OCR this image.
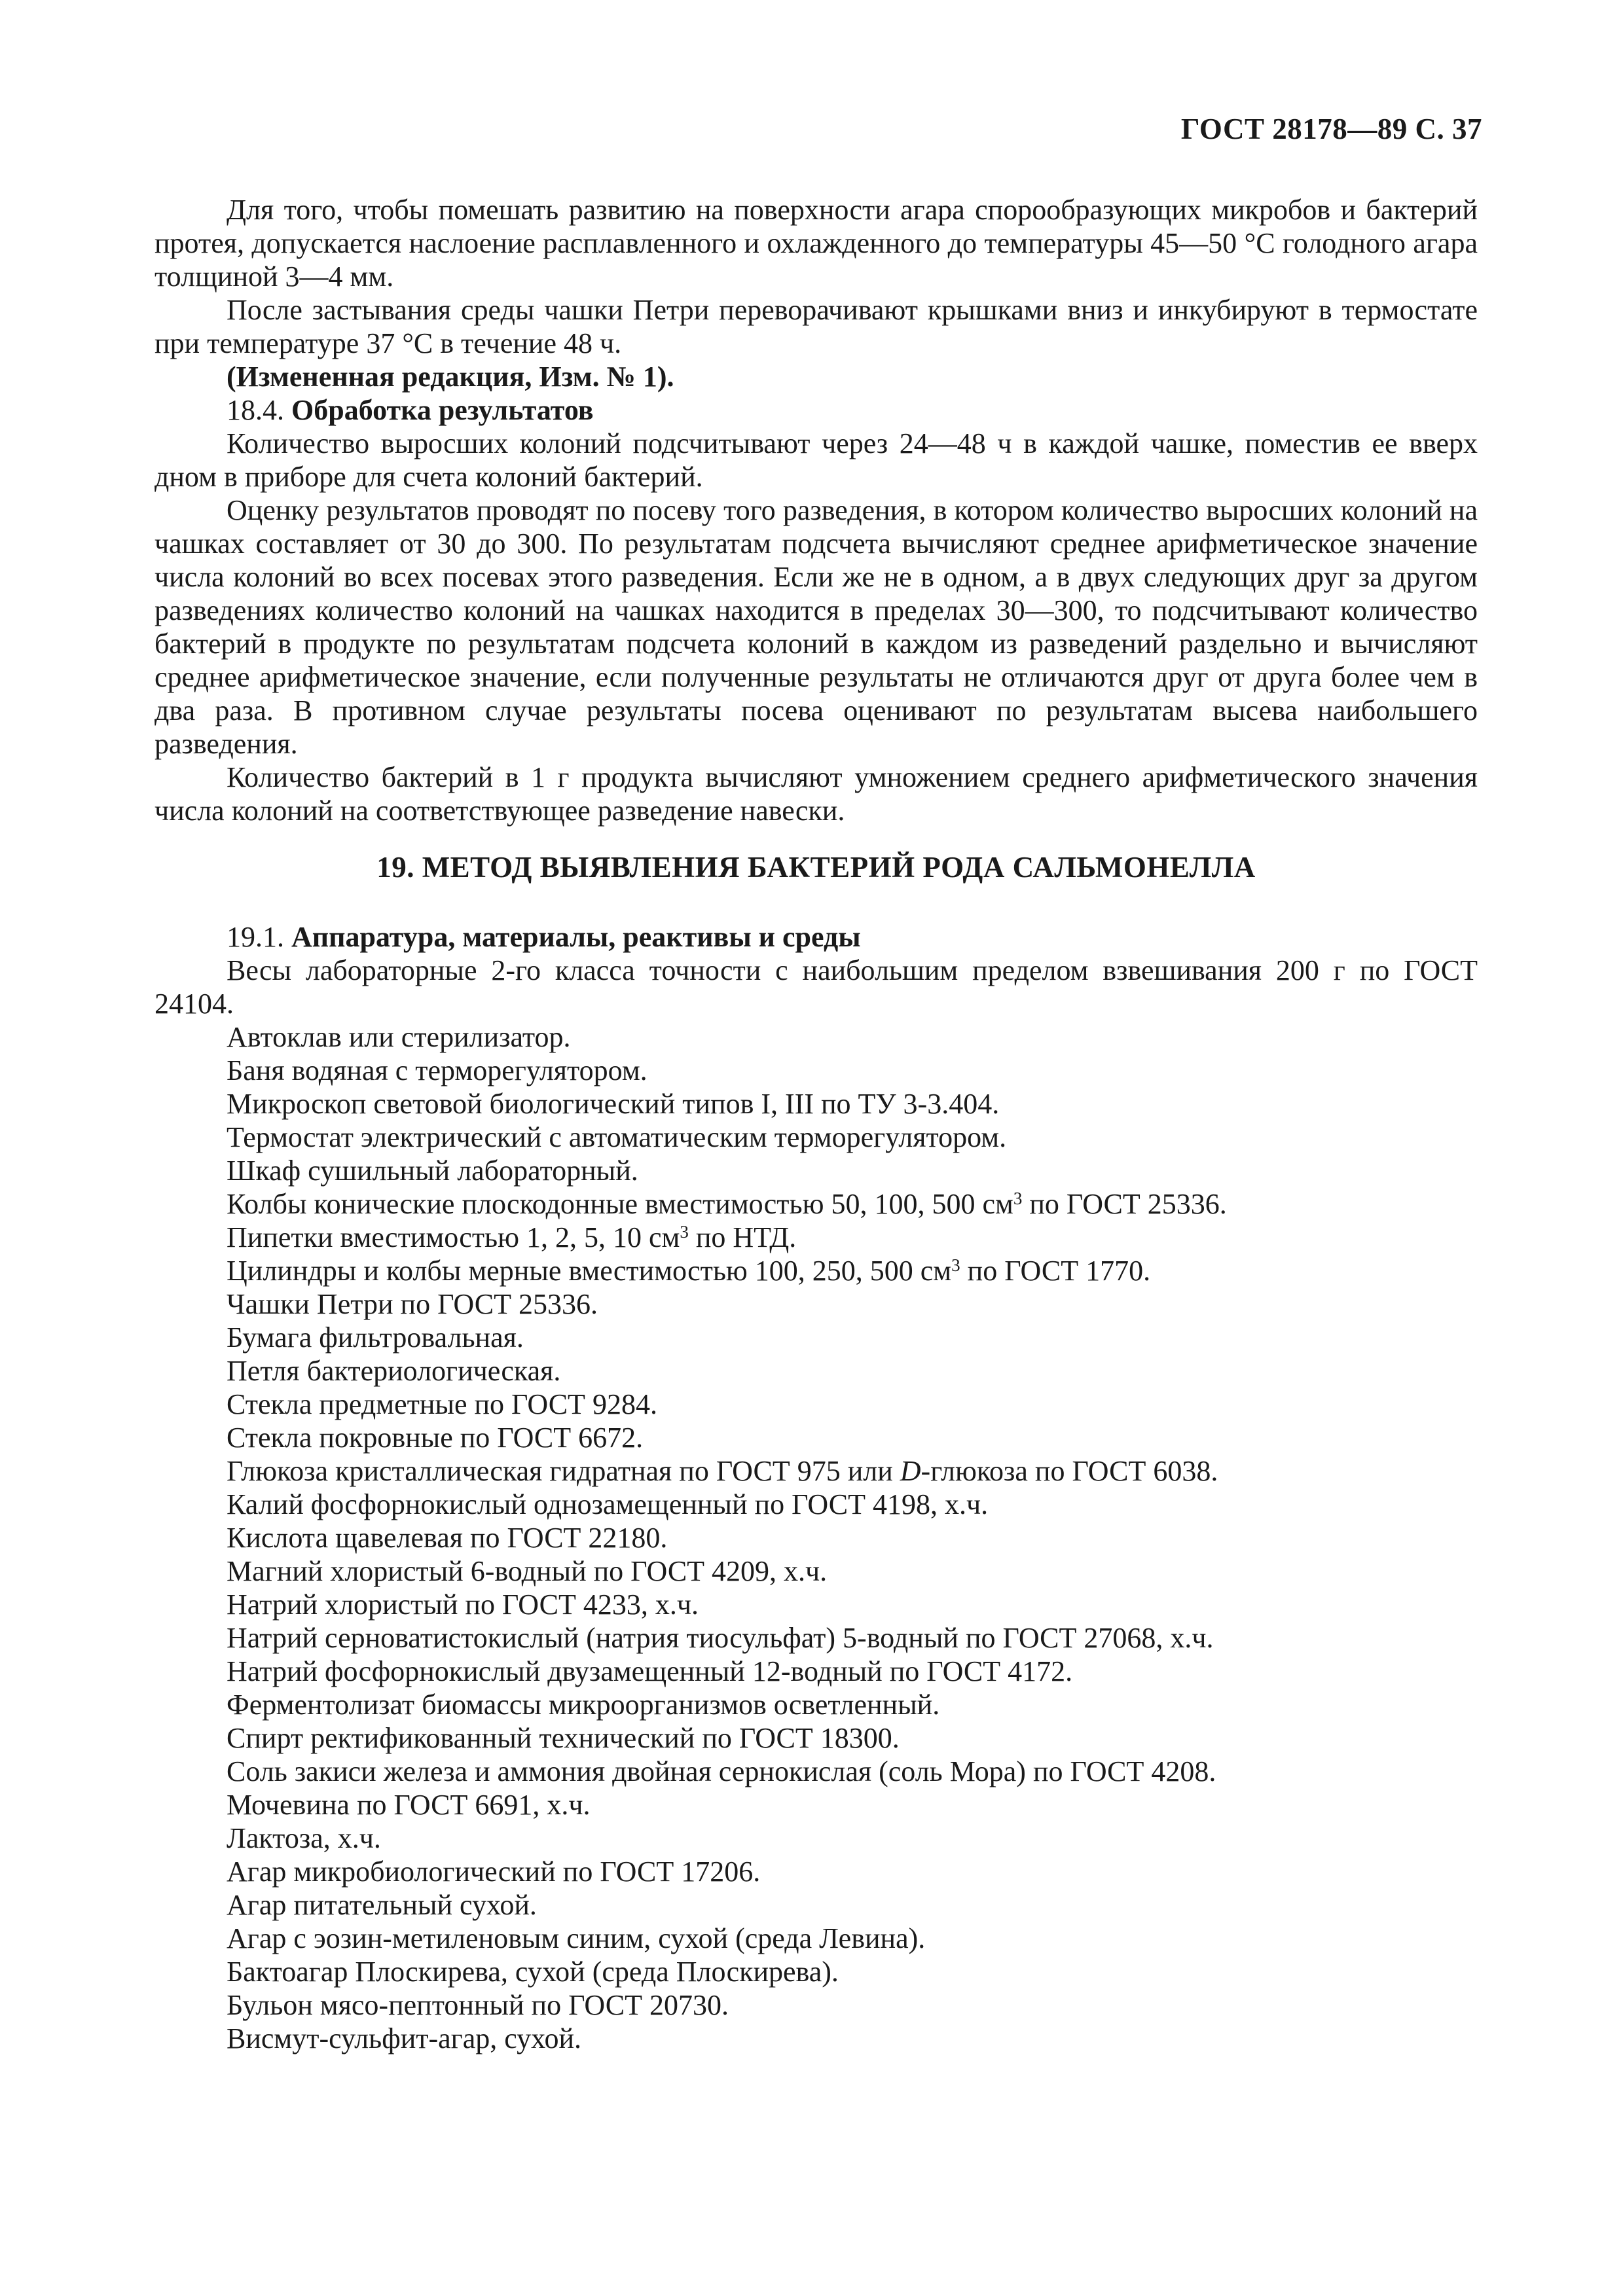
ГОСТ 28178—89 С. 37

Для того, чтобы помешать развитию на поверхности агара спорообразующих микробов и бактерий протея, допускается наслоение расплавленного и охлажденного до температуры 45—50 °С голодного агара толщиной 3—4 мм.

После застывания среды чашки Петри переворачивают крышками вниз и инкубируют в термостате при температуре 37 °С в течение 48 ч.

(Измененная редакция, Изм. № 1).

18.4. Обработка результатов

Количество выросших колоний подсчитывают через 24—48 ч в каждой чашке, поместив ее вверх дном в приборе для счета колоний бактерий.

Оценку результатов проводят по посеву того разведения, в котором количество выросших колоний на чашках составляет от 30 до 300. По результатам подсчета вычисляют среднее арифметическое значение числа колоний во всех посевах этого разведения. Если же не в одном, а в двух следующих друг за другом разведениях количество колоний на чашках находится в пределах 30—300, то подсчитывают количество бактерий в продукте по результатам подсчета колоний в каждом из разведений раздельно и вычисляют среднее арифметическое значение, если полученные результаты не отличаются друг от друга более чем в два раза. В противном случае результаты посева оценивают по результатам высева наибольшего разведения.

Количество бактерий в 1 г продукта вычисляют умножением среднего арифметического значения числа колоний на соответствующее разведение навески.

19. МЕТОД ВЫЯВЛЕНИЯ БАКТЕРИЙ РОДА САЛЬМОНЕЛЛА

19.1. Аппаратура, материалы, реактивы и среды

Весы лабораторные 2-го класса точности с наибольшим пределом взвешивания 200 г по ГОСТ 24104.

Автоклав или стерилизатор.

Баня водяная с терморегулятором.

Микроскоп световой биологический типов I, III по ТУ 3-3.404.

Термостат электрический с автоматическим терморегулятором.

Шкаф сушильный лабораторный.

Колбы конические плоскодонные вместимостью 50, 100, 500 $см^3$ по ГОСТ 25336.

Пипетки вместимостью 1, 2, 5, 10 $см^3$ по НТД.

Цилиндры и колбы мерные вместимостью 100, 250, 500 $см^3$ по ГОСТ 1770.

Чашки Петри по ГОСТ 25336.

Бумага фильтровальная.

Петля бактериологическая.

Стекла предметные по ГОСТ 9284.

Стекла покровные по ГОСТ 6672.

Глюкоза кристаллическая гидратная по ГОСТ 975 или D-глюкоза по ГОСТ 6038.

Калий фосфорнокислый однозамещенный по ГОСТ 4198, х.ч.

Кислота щавелевая по ГОСТ 22180.

Магний хлористый 6-водный по ГОСТ 4209, х.ч.

Натрий хлористый по ГОСТ 4233, х.ч.

Натрий серноватистокислый (натрия тиосульфат) 5-водный по ГОСТ 27068, х.ч.

Натрий фосфорнокислый двузамещенный 12-водный по ГОСТ 4172.

Ферментолизат биомассы микроорганизмов осветленный.

Спирт ректификованный технический по ГОСТ 18300.

Соль закиси железа и аммония двойная сернокислая (соль Мора) по ГОСТ 4208.

Мочевина по ГОСТ 6691, х.ч.

Лактоза, х.ч.

Агар микробиологический по ГОСТ 17206.

Агар питательный сухой.

Агар с эозин-метиленовым синим, сухой (среда Левина).

Бактоагар Плоскирева, сухой (среда Плоскирева).

Бульон мясо-пептонный по ГОСТ 20730.

Висмут-сульфит-агар, сухой.
